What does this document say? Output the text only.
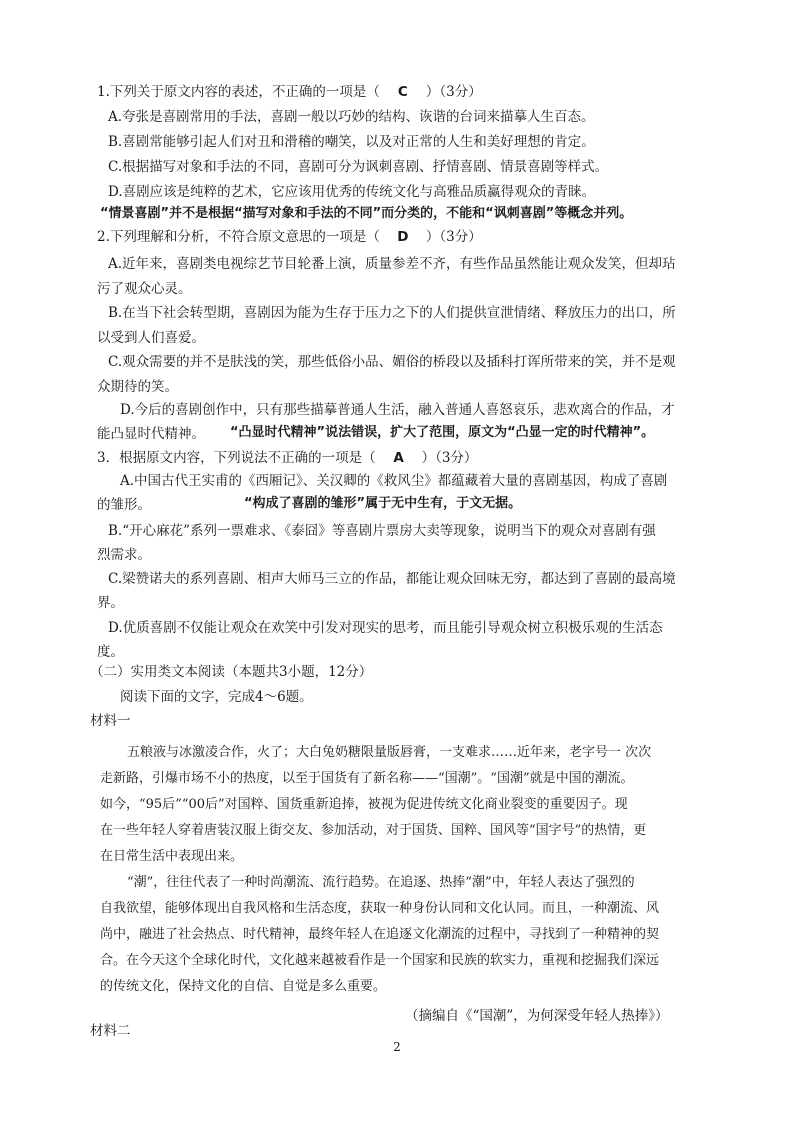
1.下列关于原文内容的表述，不正确的一项是（ C ）（3分）
A.夸张是喜剧常用的手法，喜剧一般以巧妙的结构、诙谐的台词来描摹人生百态。
B.喜剧常能够引起人们对丑和滑稽的嘲笑，以及对正常的人生和美好理想的肯定。
C.根据描写对象和手法的不同，喜剧可分为讽刺喜剧、抒情喜剧、情景喜剧等样式。
D.喜剧应该是纯粹的艺术，它应该用优秀的传统文化与高雅品质赢得观众的青睐。
“情景喜剧”并不是根据“描写对象和手法的不同”而分类的，不能和“讽刺喜剧”等概念并列。
2.下列理解和分析，不符合原文意思的一项是（ D ）（3分）
A.近年来，喜剧类电视综艺节目轮番上演，质量参差不齐，有些作品虽然能让观众发笑，但却玷
污了观众心灵。
B.在当下社会转型期，喜剧因为能为生存于压力之下的人们提供宣泄情绪、释放压力的出口，所
以受到人们喜爱。
C.观众需要的并不是肤浅的笑，那些低俗小品、媚俗的桥段以及插科打诨所带来的笑，并不是观
众期待的笑。
D.今后的喜剧创作中，只有那些描摹普通人生活，融入普通人喜怒哀乐，悲欢离合的作品，才
能凸显时代精神。 “凸显时代精神”说法错误，扩大了范围，原文为“凸显一定的时代精神”。
3．根据原文内容，下列说法不正确的一项是（ A ）（3分）
A.中国古代王实甫的《西厢记》、关汉卿的《救风尘》都蕴藏着大量的喜剧基因，构成了喜剧
的雏形。	“构成了喜剧的雏形”属于无中生有，于文无据。
B.“开心麻花”系列一票难求、《泰囧》等喜剧片票房大卖等现象，说明当下的观众对喜剧有强
烈需求。
C.梁赞诺夫的系列喜剧、相声大师马三立的作品，都能让观众回味无穷，都达到了喜剧的最高境
界。
D.优质喜剧不仅能让观众在欢笑中引发对现实的思考，而且能引导观众树立积极乐观的生活态
度。
（二）实用类文本阅读（本题共3小题，12分）
阅读下面的文字，完成4～6题。
材料一
五粮液与冰激凌合作，火了；大白兔奶糖限量版唇膏，一支难求……近年来，老字号一 次次
走新路，引爆市场不小的热度，以至于国货有了新名称——“国潮”。“国潮”就是中国的潮流。
如今，“95后”“00后”对国粹、国货重新追捧，被视为促进传统文化商业裂变的重要因子。现
在一些年轻人穿着唐装汉服上街交友、参加活动，对于国货、国粹、国风等“国字号”的热情，更
在日常生活中表现出来。
“潮”，往往代表了一种时尚潮流、流行趋势。在追逐、热捧“潮”中，年轻人表达了强烈的
自我欲望，能够体现出自我风格和生活态度，获取一种身份认同和文化认同。而且，一种潮流、风
尚中，融进了社会热点、时代精神，最终年轻人在追逐文化潮流的过程中，寻找到了一种精神的契
合。在今天这个全球化时代，文化越来越被看作是一个国家和民族的软实力，重视和挖掘我们深远
的传统文化，保持文化的自信、自觉是多么重要。
（摘编自《“国潮”，为何深受年轻人热捧》）
材料二
2
